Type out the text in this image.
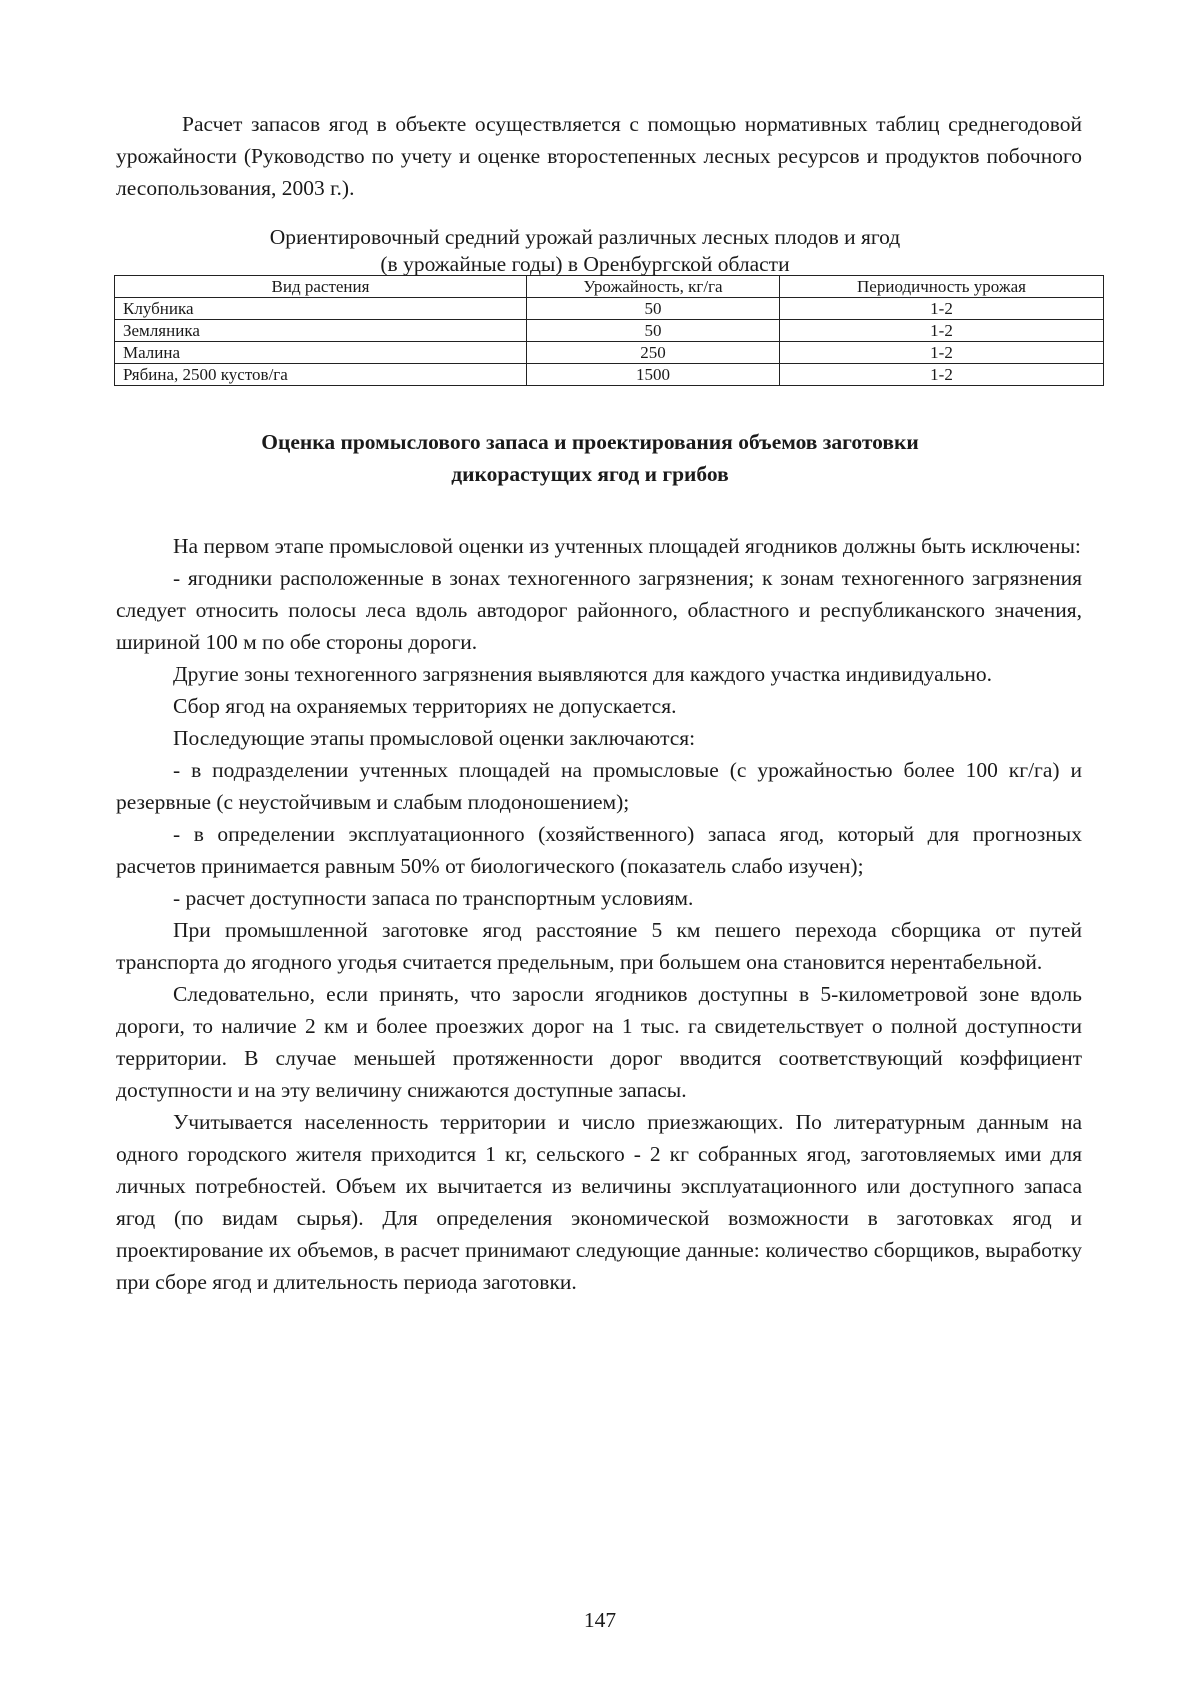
Расчет запасов ягод в объекте осуществляется с помощью нормативных таблиц среднегодовой урожайности (Руководство по учету и оценке второстепенных лесных ресурсов и продуктов побочного лесопользования, 2003 г.).

Ориентировочный средний урожай различных лесных плодов и ягод
(в урожайные годы) в Оренбургской области
Вид растения	Урожайность, кг/га	Периодичность урожая
Клубника	50	1-2
Земляника	50	1-2
Малина	250	1-2
Рябина, 2500 кустов/га	1500	1-2
Оценка промыслового запаса и проектирования объемов заготовки
дикорастущих ягод и грибов

На первом этапе промысловой оценки из учтенных площадей ягодников должны быть исключены:

- ягодники расположенные в зонах техногенного загрязнения; к зонам техногенного загрязнения следует относить полосы леса вдоль автодорог районного, областного и республиканского значения, шириной 100 м по обе стороны дороги.

Другие зоны техногенного загрязнения выявляются для каждого участка индивидуально.

Сбор ягод на охраняемых территориях не допускается.

Последующие этапы промысловой оценки заключаются:

- в подразделении учтенных площадей на промысловые (с урожайностью более 100 кг/га) и резервные (с неустойчивым и слабым плодоношением);

- в определении эксплуатационного (хозяйственного) запаса ягод, который для прогнозных расчетов принимается равным 50% от биологического (показатель слабо изучен);

- расчет доступности запаса по транспортным условиям.

При промышленной заготовке ягод расстояние 5 км пешего перехода сборщика от путей транспорта до ягодного угодья считается предельным, при большем она становится нерентабельной.

Следовательно, если принять, что заросли ягодников доступны в 5-километровой зоне вдоль дороги, то наличие 2 км и более проезжих дорог на 1 тыс. га свидетельствует о полной доступности территории. В случае меньшей протяженности дорог вводится соответствующий коэффициент доступности и на эту величину снижаются доступные запасы.

Учитывается населенность территории и число приезжающих. По литературным данным на одного городского жителя приходится 1 кг, сельского - 2 кг собранных ягод, заготовляемых ими для личных потребностей. Объем их вычитается из величины эксплуатационного или доступного запаса ягод (по видам сырья). Для определения экономической возможности в заготовках ягод и проектирование их объемов, в расчет принимают следующие данные: количество сборщиков, выработку при сборе ягод и длительность периода заготовки.

147
